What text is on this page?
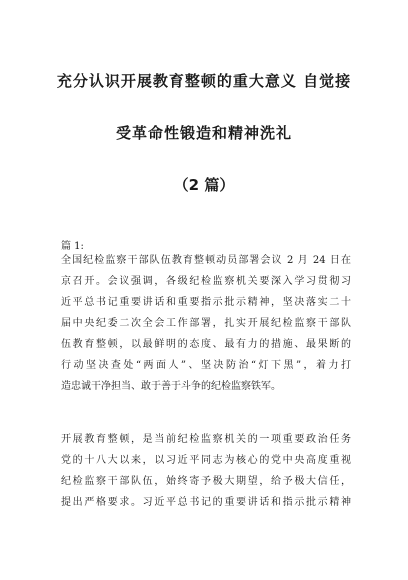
充分认识开展教育整顿的重大意义 自觉接
受革命性锻造和精神洗礼
（2 篇）
篇 1:
全国纪检监察干部队伍教育整顿动员部署会议 2 月 24 日在
京召开。会议强调，各级纪检监察机关要深入学习贯彻习
近平总书记重要讲话和重要指示批示精神，坚决落实二十
届中央纪委二次全会工作部署，扎实开展纪检监察干部队
伍教育整顿，以最鲜明的态度、最有力的措施、最果断的
行动坚决查处“两面人”、坚决防治“灯下黑”，着力打
造忠诚干净担当、敢于善于斗争的纪检监察铁军。
开展教育整顿，是当前纪检监察机关的一项重要政治任务
党的十八大以来，以习近平同志为核心的党中央高度重视
纪检监察干部队伍，始终寄予极大期望，给予极大信任，
提出严格要求。习近平总书记的重要讲话和指示批示精神
